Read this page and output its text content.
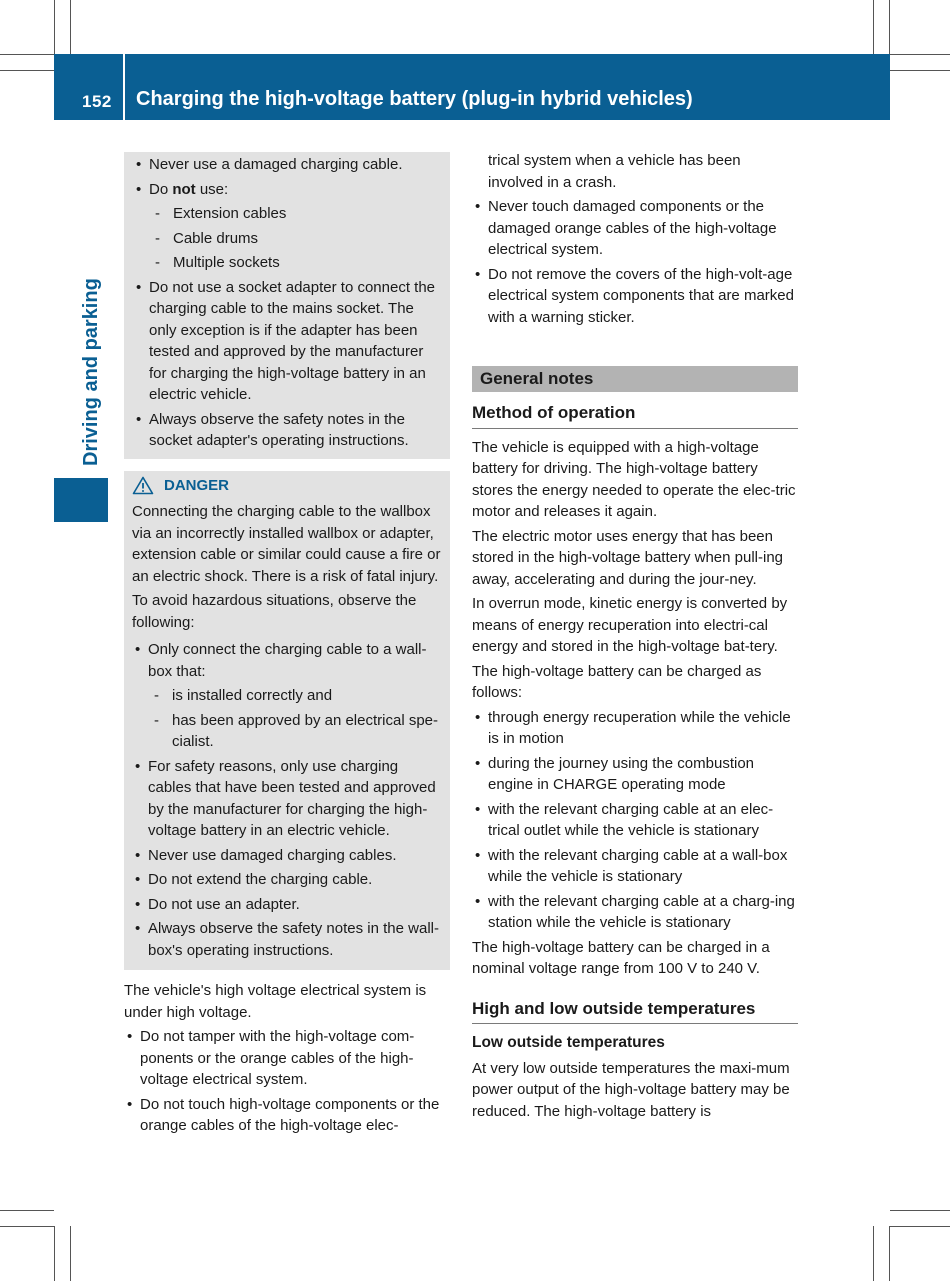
152 Charging the high-voltage battery (plug-in hybrid vehicles)
Driving and parking
• Never use a damaged charging cable.
• Do not use:
- Extension cables
- Cable drums
- Multiple sockets
• Do not use a socket adapter to connect the charging cable to the mains socket. The only exception is if the adapter has been tested and approved by the manufacturer for charging the high-voltage battery in an electric vehicle.
• Always observe the safety notes in the socket adapter's operating instructions.
DANGER

Connecting the charging cable to the wallbox via an incorrectly installed wallbox or adapter, extension cable or similar could cause a fire or an electric shock. There is a risk of fatal injury.

To avoid hazardous situations, observe the following:

• Only connect the charging cable to a wall-box that:
- is installed correctly and
- has been approved by an electrical spe-cialist.
• For safety reasons, only use charging cables that have been tested and approved by the manufacturer for charging the high-voltage battery in an electric vehicle.
• Never use damaged charging cables.
• Do not extend the charging cable.
• Do not use an adapter.
• Always observe the safety notes in the wall-box's operating instructions.

The vehicle's high voltage electrical system is under high voltage.

• Do not tamper with the high-voltage com-ponents or the orange cables of the high-voltage electrical system.
• Do not touch high-voltage components or the orange cables of the high-voltage elec-

trical system when a vehicle has been involved in a crash.

• Never touch damaged components or the damaged orange cables of the high-voltage electrical system.
• Do not remove the covers of the high-volt-age electrical system components that are marked with a warning sticker.
General notes
Method of operation

The vehicle is equipped with a high-voltage battery for driving. The high-voltage battery stores the energy needed to operate the elec-tric motor and releases it again.

The electric motor uses energy that has been stored in the high-voltage battery when pull-ing away, accelerating and during the jour-ney.

In overrun mode, kinetic energy is converted by means of energy recuperation into electri-cal energy and stored in the high-voltage bat-tery.

The high-voltage battery can be charged as follows:

• through energy recuperation while the vehicle is in motion
• during the journey using the combustion engine in CHARGE operating mode
• with the relevant charging cable at an elec-trical outlet while the vehicle is stationary
• with the relevant charging cable at a wall-box while the vehicle is stationary
• with the relevant charging cable at a charg-ing station while the vehicle is stationary

The high-voltage battery can be charged in a nominal voltage range from 100 V to 240 V.

High and low outside temperatures
Low outside temperatures

At very low outside temperatures the maxi-mum power output of the high-voltage battery may be reduced. The high-voltage battery is
